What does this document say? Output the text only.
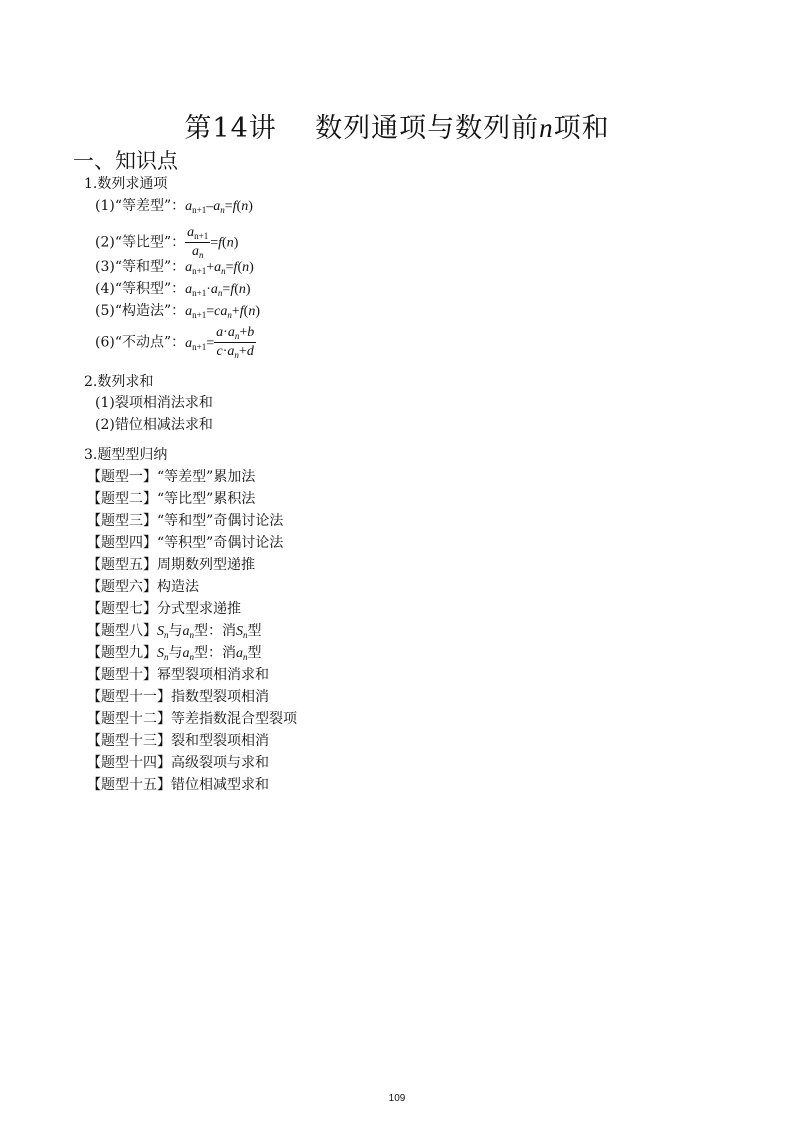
第14讲 数列通项与数列前n项和
一、知识点
1.数列求通项
(1)“等差型”：$a_{n+1}-a_n=f(n)$
(2)“等比型”： $\frac{a_{n+1}}{a_n} =f(n)$
(3)“等和型”：$a_{n+1}+a_n=f(n)$
(4)“等积型”：$a_{n+1}\cdot a_n=f(n)$
(5)“构造法”：$a_{n+1}=ca_n+f(n)$
(6)“不动点”：$a_{n+1}= \frac{a\cdot a_n+b}{c\cdot a_n+d}$
2.数列求和
(1)裂项相消法求和
(2)错位相减法求和
3.题型型归纳
【题型一】“等差型”累加法
【题型二】“等比型”累积法
【题型三】“等和型”奇偶讨论法
【题型四】“等积型”奇偶讨论法
【题型五】周期数列型递推
【题型六】构造法
【题型七】分式型求递推
【题型八】$S_n$与$a_n$型：消$S_n$型
【题型九】$S_n$与$a_n$型：消$a_n$型
【题型十】幂型裂项相消求和
【题型十一】指数型裂项相消
【题型十二】等差指数混合型裂项
【题型十三】裂和型裂项相消
【题型十四】高级裂项与求和
【题型十五】错位相减型求和
109
